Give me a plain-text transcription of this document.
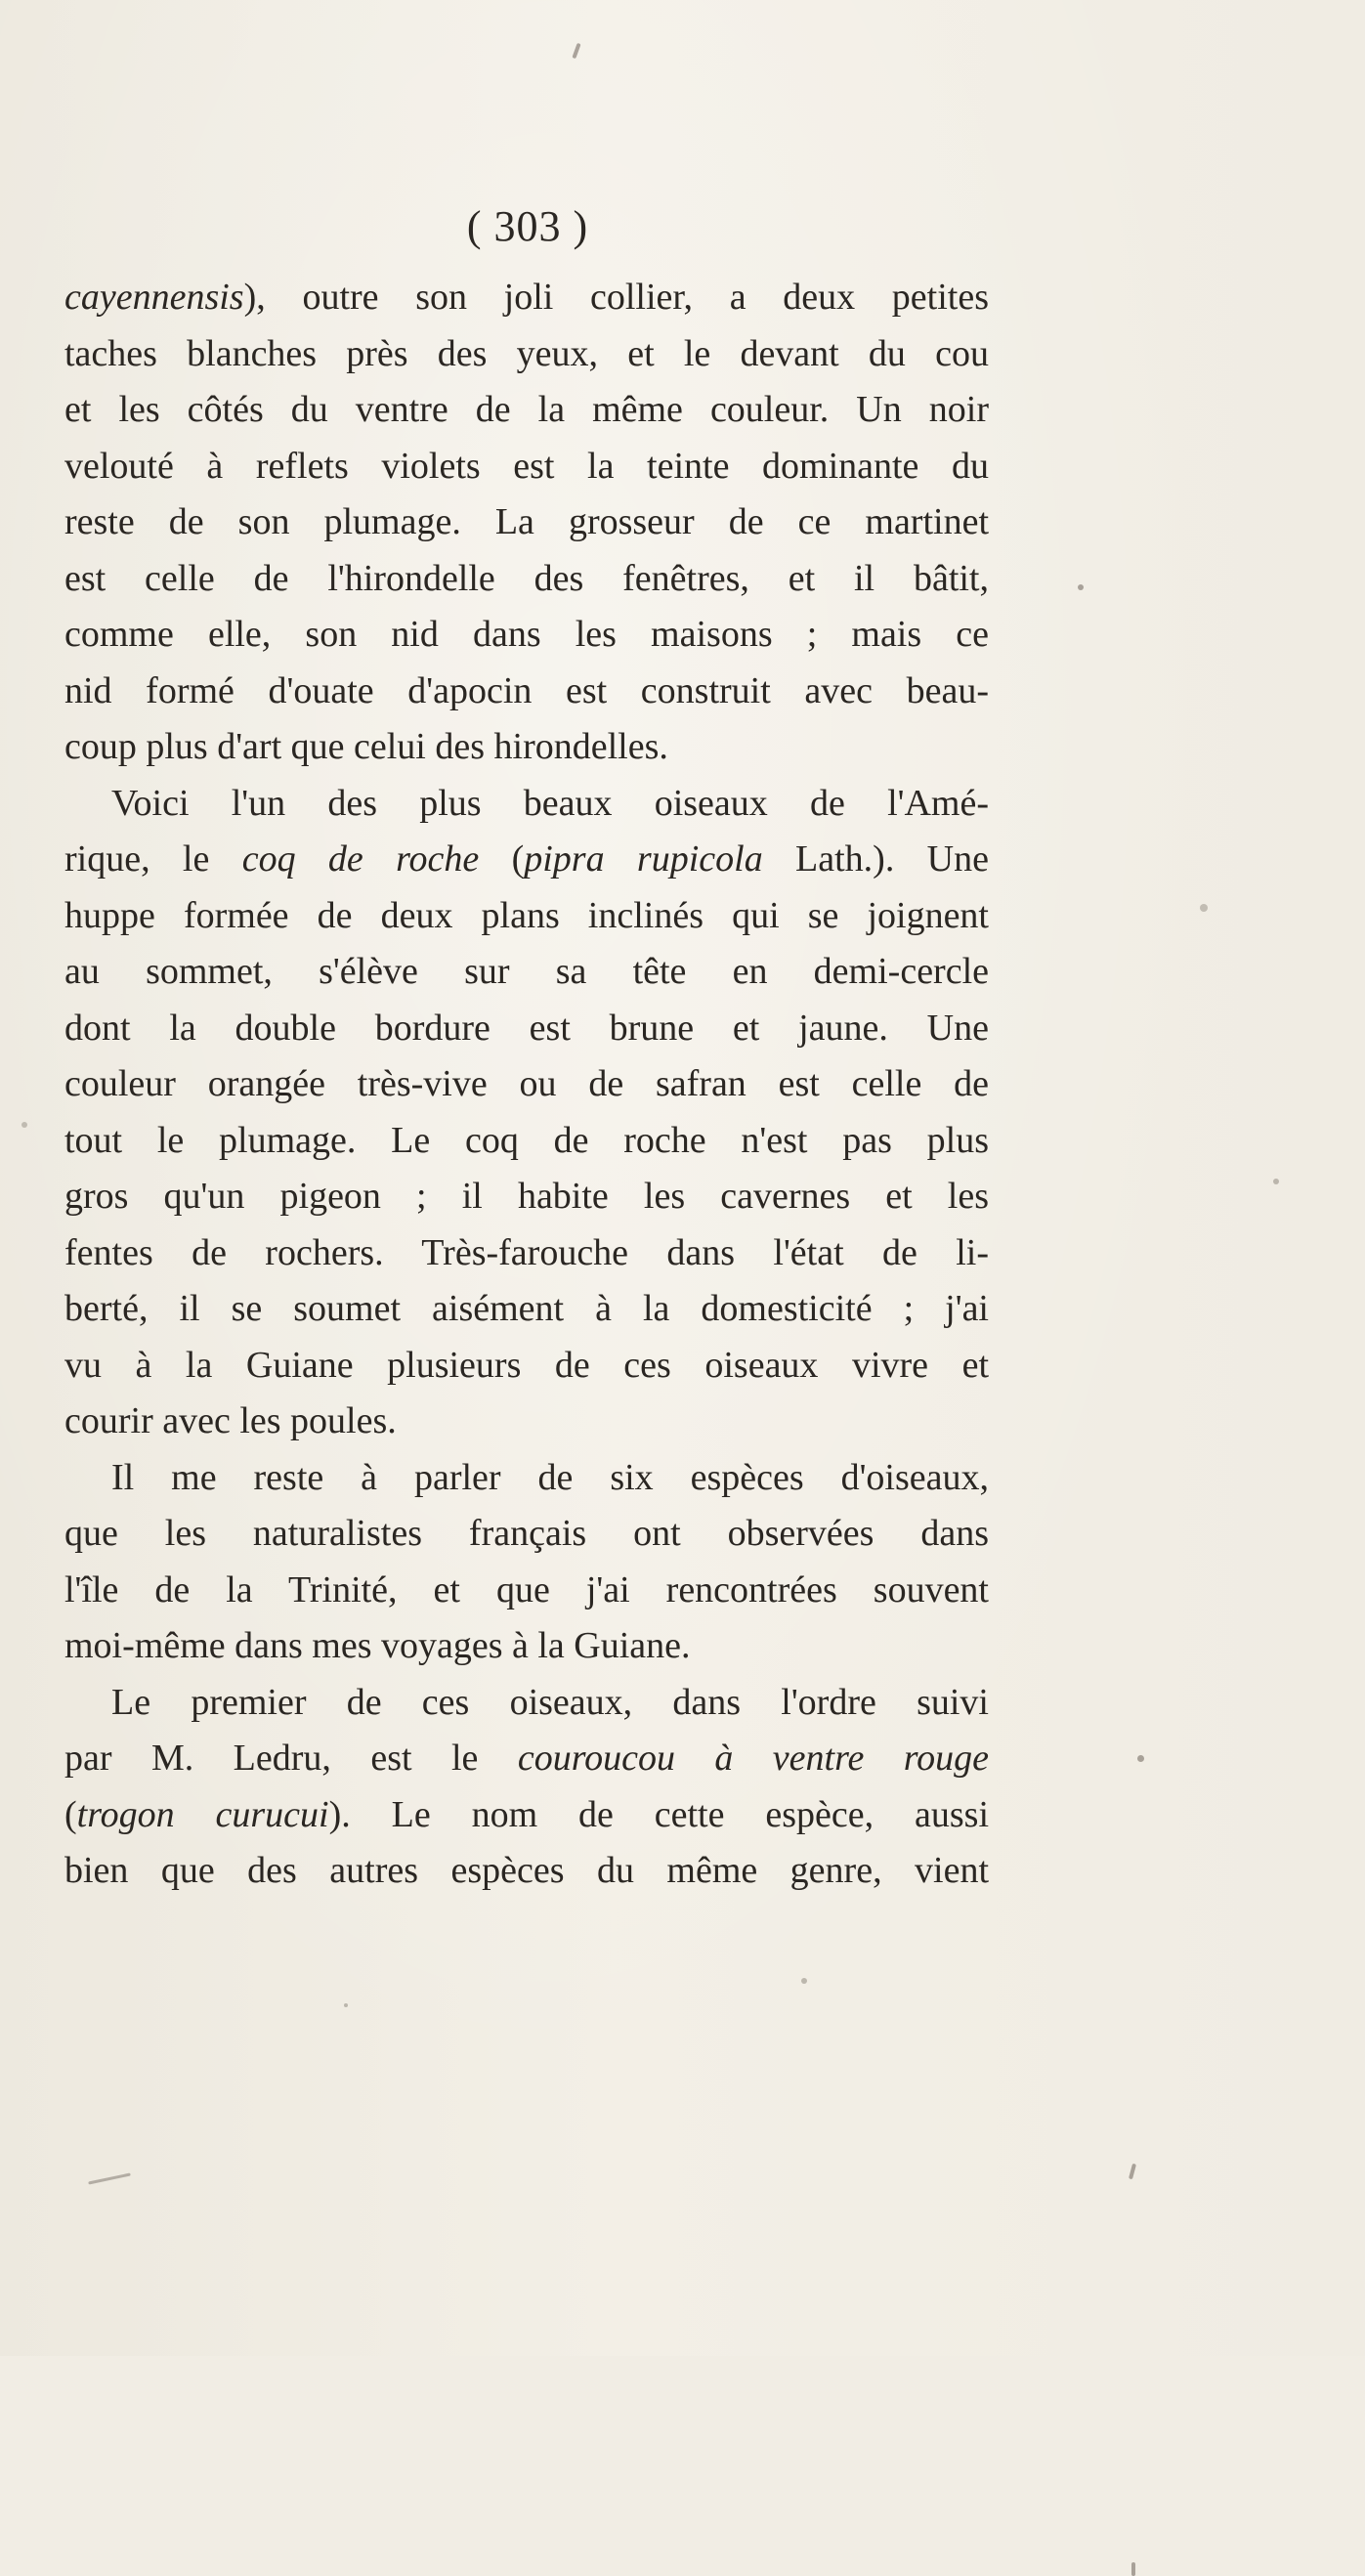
( 303 )
cayennensis), outre son joli collier, a deux petites
taches blanches près des yeux, et le devant du cou
et les côtés du ventre de la même couleur. Un noir
velouté à reflets violets est la teinte dominante du
reste de son plumage. La grosseur de ce martinet
est celle de l'hirondelle des fenêtres, et il bâtit,
comme elle, son nid dans les maisons ; mais ce
nid formé d'ouate d'apocin est construit avec beau-
coup plus d'art que celui des hirondelles.
Voici l'un des plus beaux oiseaux de l'Amé-
rique, le coq de roche (pipra rupicola Lath.). Une
huppe formée de deux plans inclinés qui se joignent
au sommet, s'élève sur sa tête en demi-cercle
dont la double bordure est brune et jaune. Une
couleur orangée très-vive ou de safran est celle de
tout le plumage. Le coq de roche n'est pas plus
gros qu'un pigeon ; il habite les cavernes et les
fentes de rochers. Très-farouche dans l'état de li-
berté, il se soumet aisément à la domesticité ; j'ai
vu à la Guiane plusieurs de ces oiseaux vivre et
courir avec les poules.
Il me reste à parler de six espèces d'oiseaux,
que les naturalistes français ont observées dans
l'île de la Trinité, et que j'ai rencontrées souvent
moi-même dans mes voyages à la Guiane.
Le premier de ces oiseaux, dans l'ordre suivi
par M. Ledru, est le couroucou à ventre rouge
(trogon curucui). Le nom de cette espèce, aussi
bien que des autres espèces du même genre, vient
